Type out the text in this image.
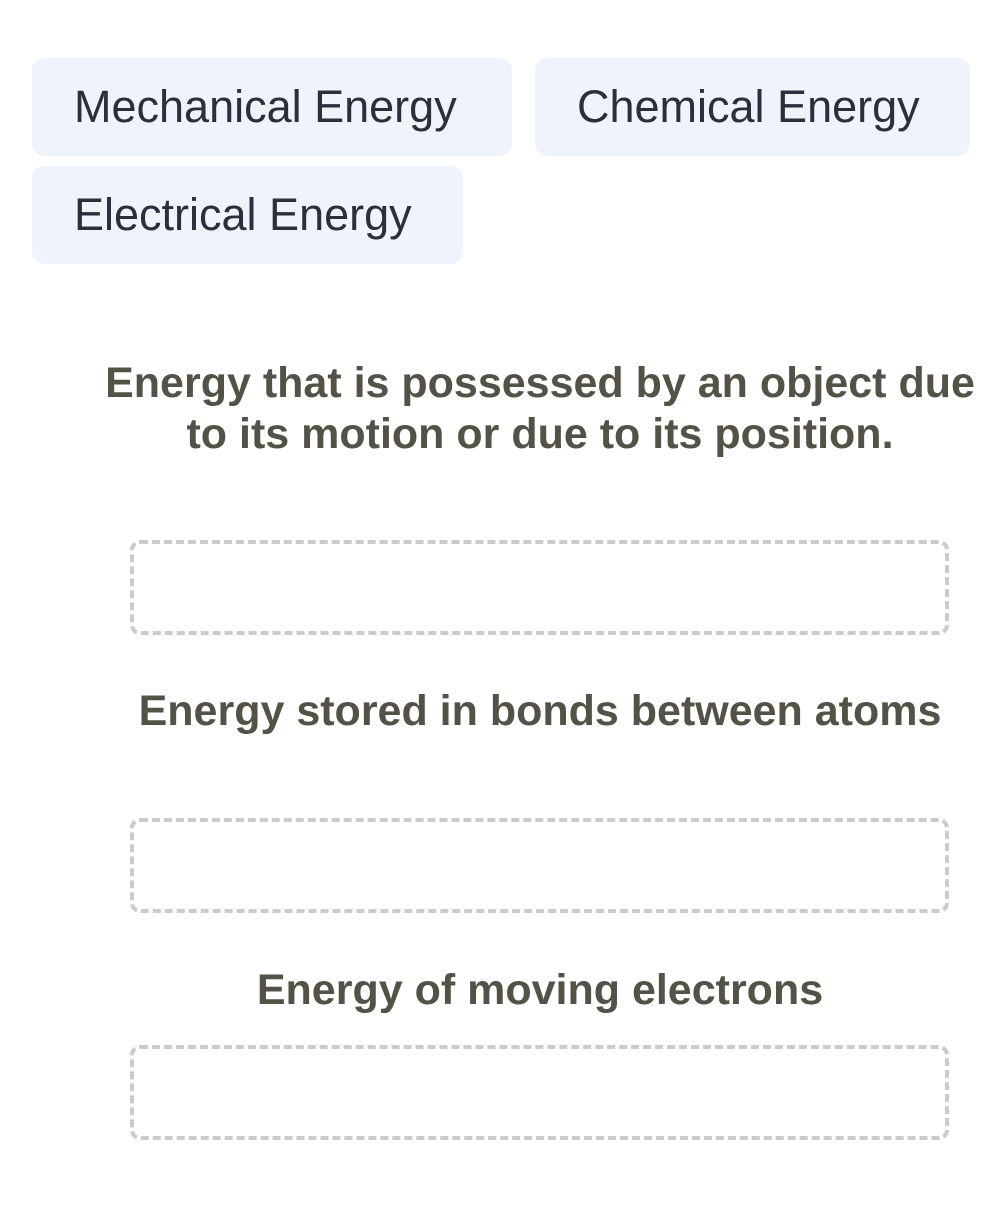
Mechanical Energy	Chemical Energy
Electrical Energy
Energy that is possessed by an object due to its motion or due to its position.
Energy stored in bonds between atoms
Energy of moving electrons
